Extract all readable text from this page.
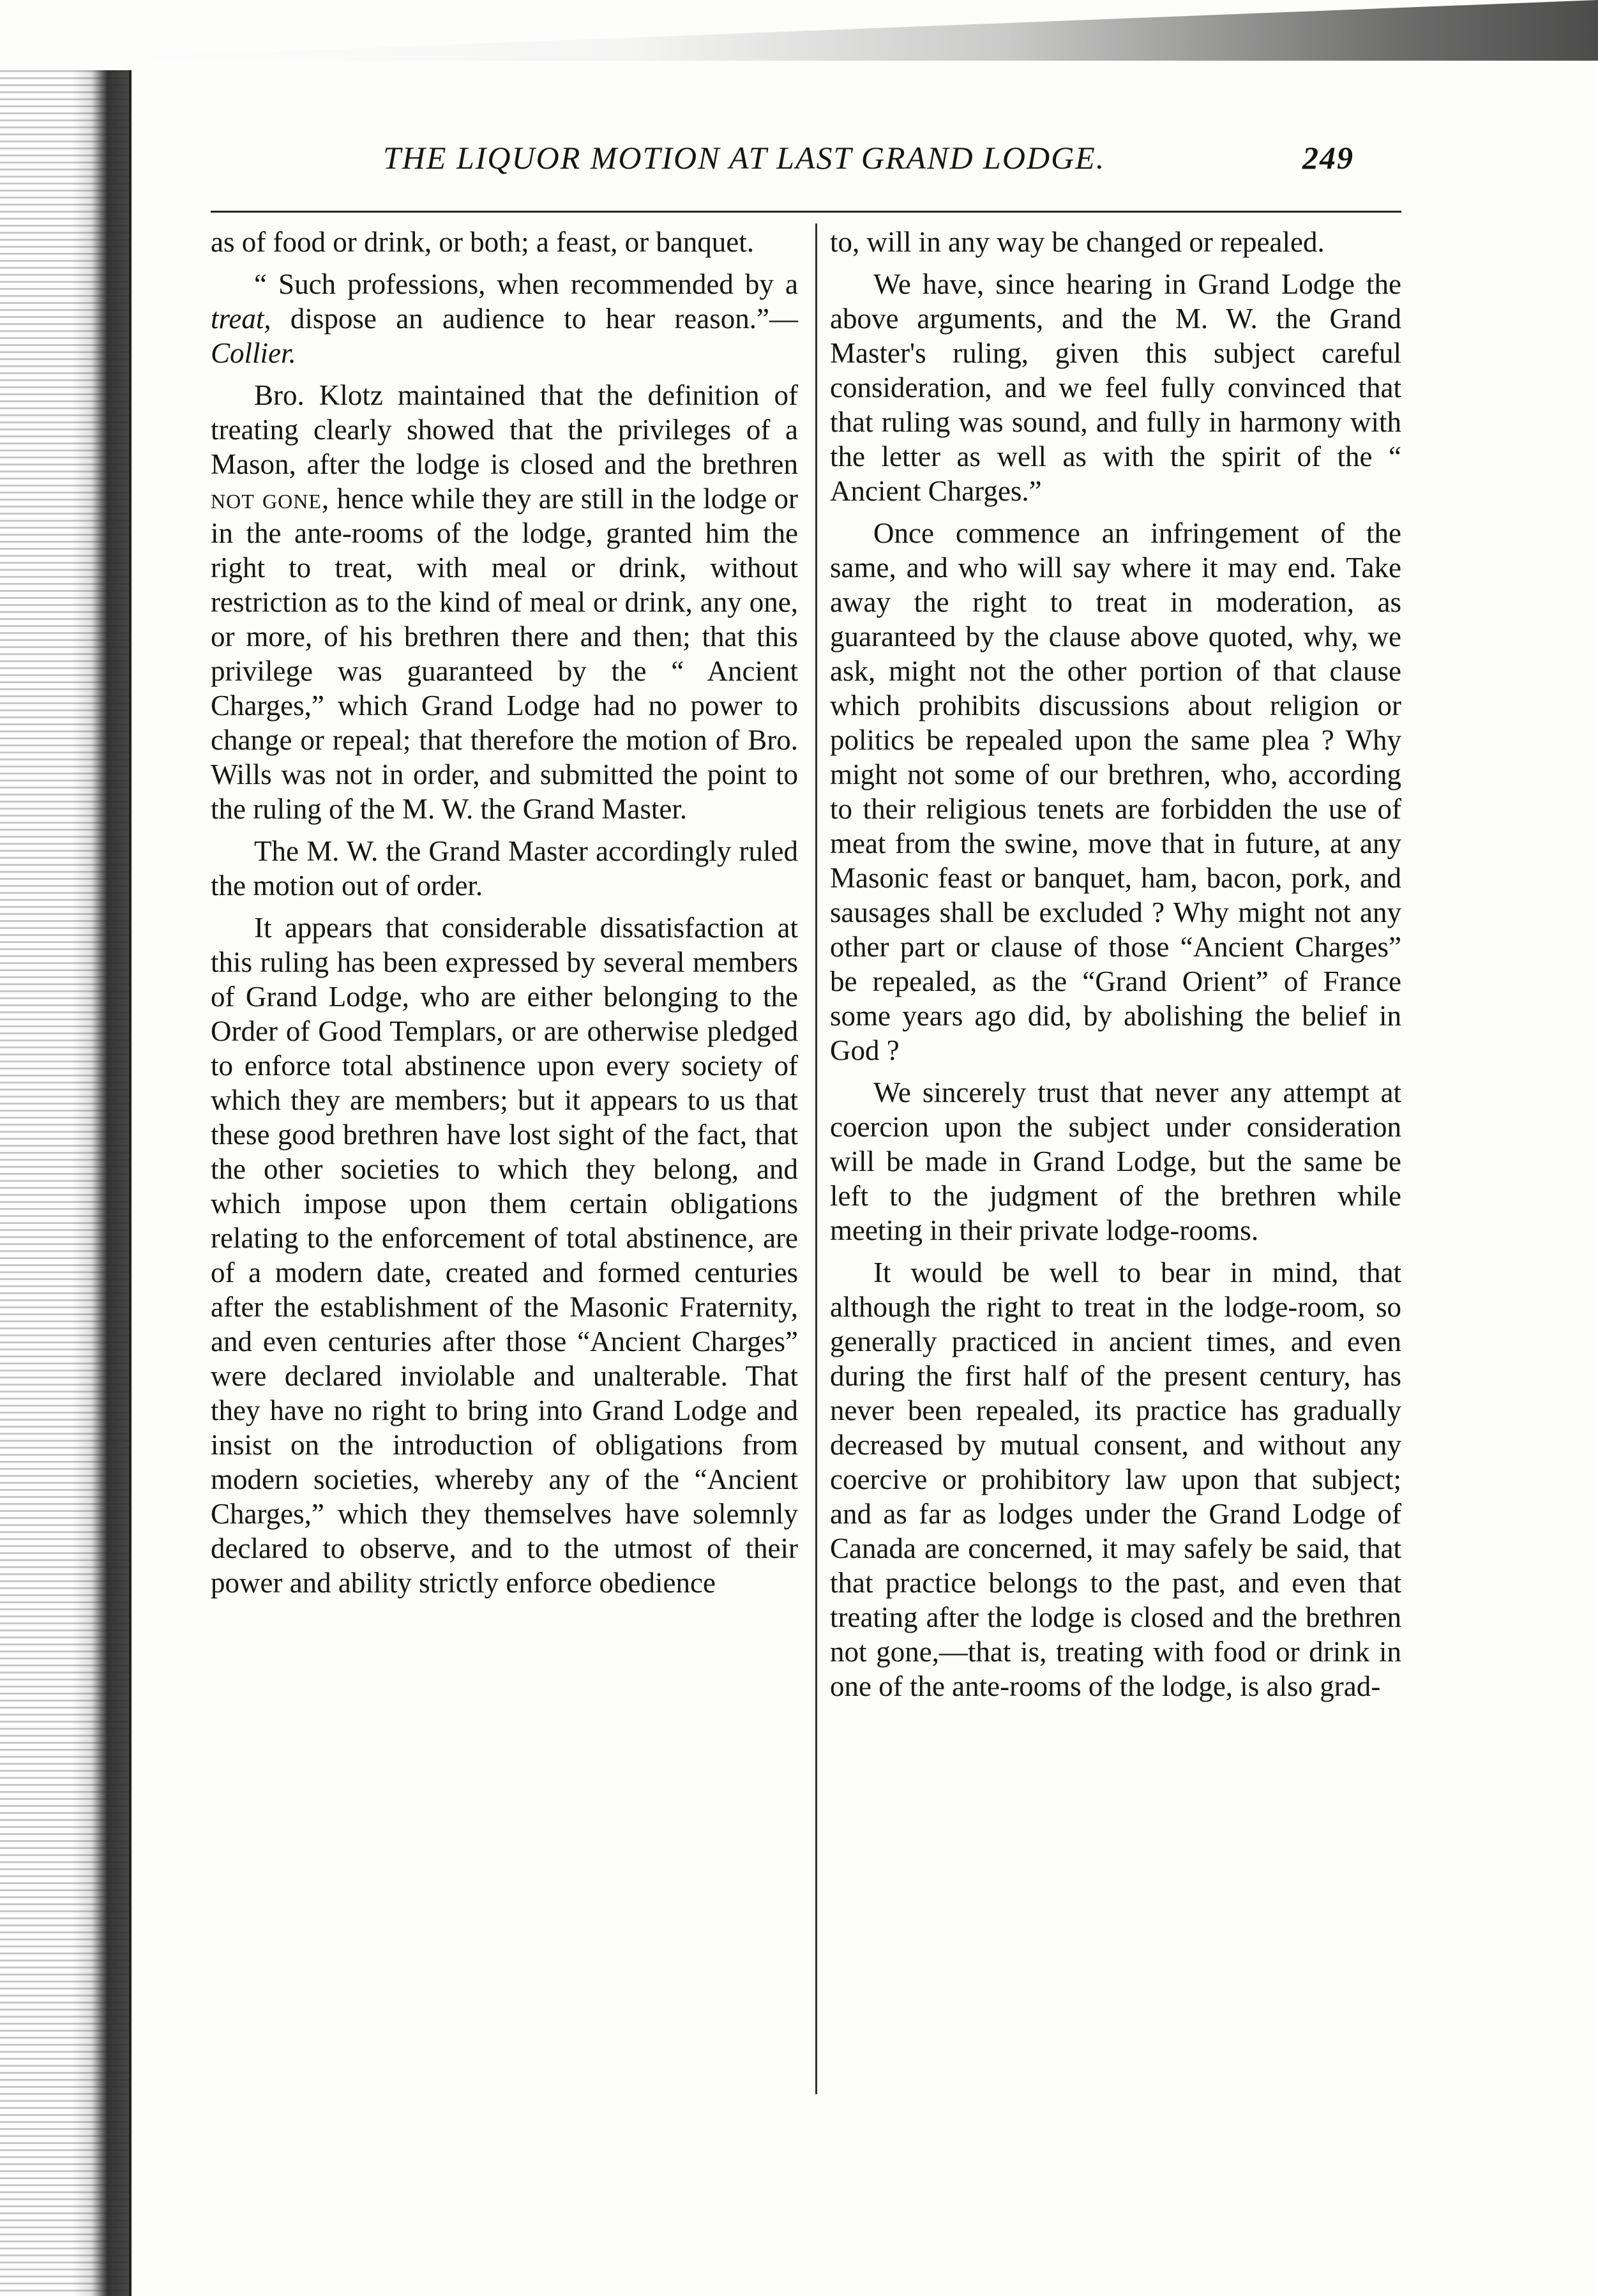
THE LIQUOR MOTION AT LAST GRAND LODGE.	249

as of food or drink, or both; a feast, or banquet.

“ Such professions, when recommended by a treat, dispose an audience to hear reason.”—Collier.

Bro. Klotz maintained that the definition of treating clearly showed that the privileges of a Mason, after the lodge is closed and the brethren not gone, hence while they are still in the lodge or in the ante-rooms of the lodge, granted him the right to treat, with meal or drink, without restriction as to the kind of meal or drink, any one, or more, of his brethren there and then; that this privilege was guaranteed by the “ Ancient Charges,” which Grand Lodge had no power to change or repeal; that therefore the motion of Bro. Wills was not in order, and submitted the point to the ruling of the M. W. the Grand Master.

The M. W. the Grand Master accordingly ruled the motion out of order.

It appears that considerable dissatisfaction at this ruling has been expressed by several members of Grand Lodge, who are either belonging to the Order of Good Templars, or are otherwise pledged to enforce total abstinence upon every society of which they are members; but it appears to us that these good brethren have lost sight of the fact, that the other societies to which they belong, and which impose upon them certain obligations relating to the enforcement of total abstinence, are of a modern date, created and formed centuries after the establishment of the Masonic Fraternity, and even centuries after those “Ancient Charges” were declared inviolable and unalterable. That they have no right to bring into Grand Lodge and insist on the introduction of obligations from modern societies, whereby any of the “Ancient Charges,” which they themselves have solemnly declared to observe, and to the utmost of their power and ability strictly enforce obedience

to, will in any way be changed or repealed.

We have, since hearing in Grand Lodge the above arguments, and the M. W. the Grand Master's ruling, given this subject careful consideration, and we feel fully convinced that that ruling was sound, and fully in harmony with the letter as well as with the spirit of the “ Ancient Charges.”

Once commence an infringement of the same, and who will say where it may end. Take away the right to treat in moderation, as guaranteed by the clause above quoted, why, we ask, might not the other portion of that clause which prohibits discussions about religion or politics be repealed upon the same plea ? Why might not some of our brethren, who, according to their religious tenets are forbidden the use of meat from the swine, move that in future, at any Masonic feast or banquet, ham, bacon, pork, and sausages shall be excluded ? Why might not any other part or clause of those “Ancient Charges” be repealed, as the “Grand Orient” of France some years ago did, by abolishing the belief in God ?

We sincerely trust that never any attempt at coercion upon the subject under consideration will be made in Grand Lodge, but the same be left to the judgment of the brethren while meeting in their private lodge-rooms.

It would be well to bear in mind, that although the right to treat in the lodge-room, so generally practiced in ancient times, and even during the first half of the present century, has never been repealed, its practice has gradually decreased by mutual consent, and without any coercive or prohibitory law upon that subject; and as far as lodges under the Grand Lodge of Canada are concerned, it may safely be said, that that practice belongs to the past, and even that treating after the lodge is closed and the brethren not gone,—that is, treating with food or drink in one of the ante-rooms of the lodge, is also grad-
